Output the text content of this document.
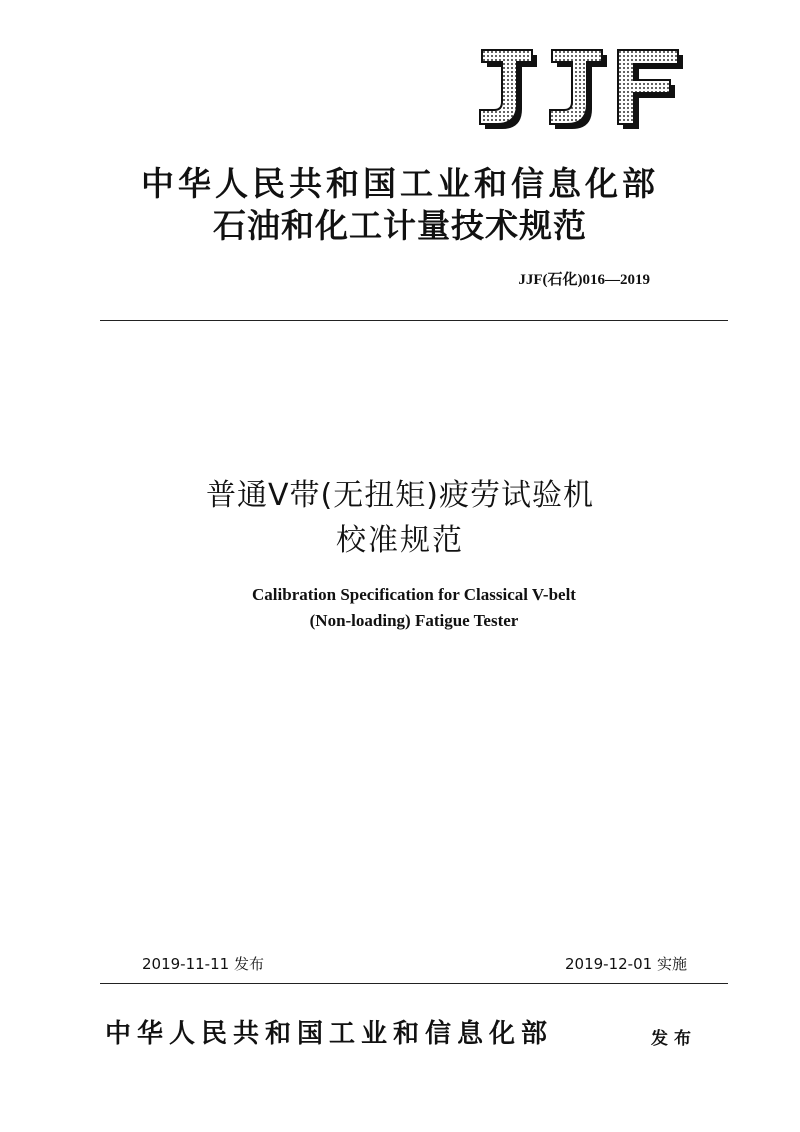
中华人民共和国工业和信息化部
石油和化工计量技术规范
JJF(石化)016—2019
普通V带(无扭矩)疲劳试验机
校准规范
Calibration Specification for Classical V-belt
(Non-loading) Fatigue Tester
2019-11-11 发布	2019-12-01 实施
中华人民共和国工业和信息化部	发布
